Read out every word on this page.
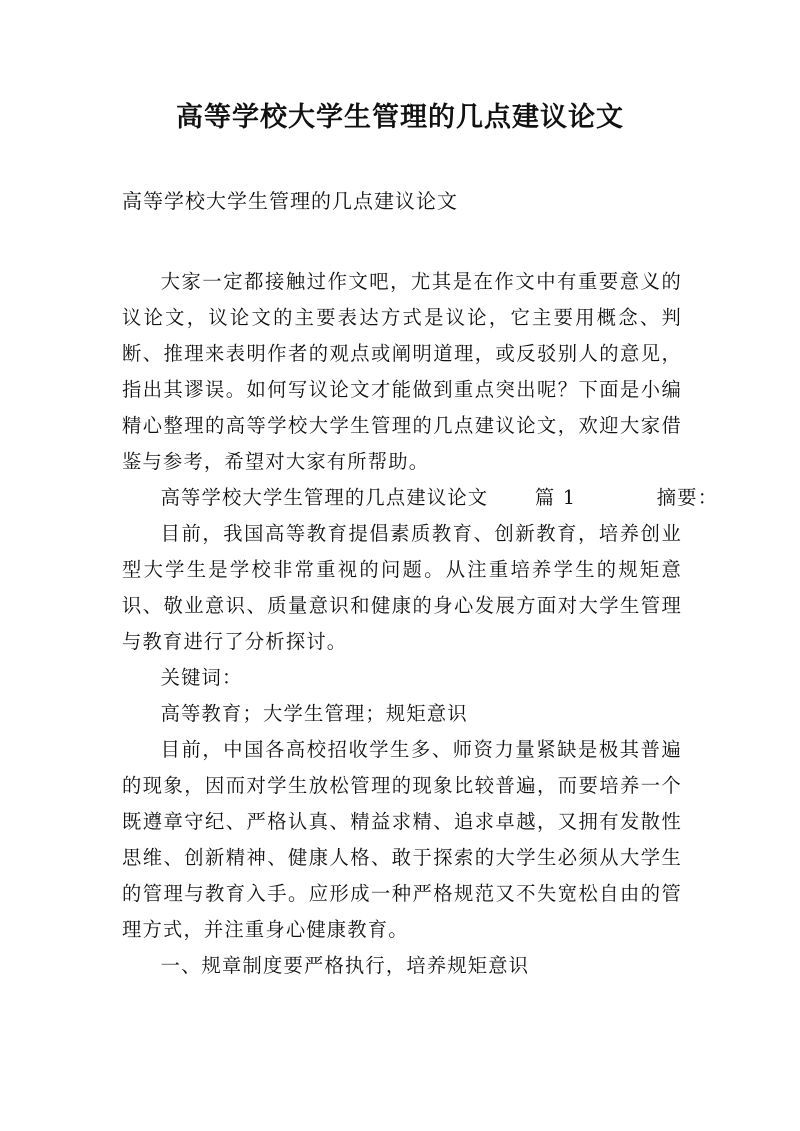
高等学校大学生管理的几点建议论文
高等学校大学生管理的几点建议论文

大家一定都接触过作文吧，尤其是在作文中有重要意义的议论文，议论文的主要表达方式是议论，它主要用概念、判断、推理来表明作者的观点或阐明道理，或反驳别人的意见，指出其谬误。如何写议论文才能做到重点突出呢？下面是小编精心整理的高等学校大学生管理的几点建议论文，欢迎大家借鉴与参考，希望对大家有所帮助。

高等学校大学生管理的几点建议论文 篇 1	摘要：

目前，我国高等教育提倡素质教育、创新教育，培养创业型大学生是学校非常重视的问题。从注重培养学生的规矩意识、敬业意识、质量意识和健康的身心发展方面对大学生管理与教育进行了分析探讨。

关键词：

高等教育；大学生管理；规矩意识

目前，中国各高校招收学生多、师资力量紧缺是极其普遍的现象，因而对学生放松管理的现象比较普遍，而要培养一个既遵章守纪、严格认真、精益求精、追求卓越，又拥有发散性思维、创新精神、健康人格、敢于探索的大学生必须从大学生的管理与教育入手。应形成一种严格规范又不失宽松自由的管理方式，并注重身心健康教育。

一、规章制度要严格执行，培养规矩意识
